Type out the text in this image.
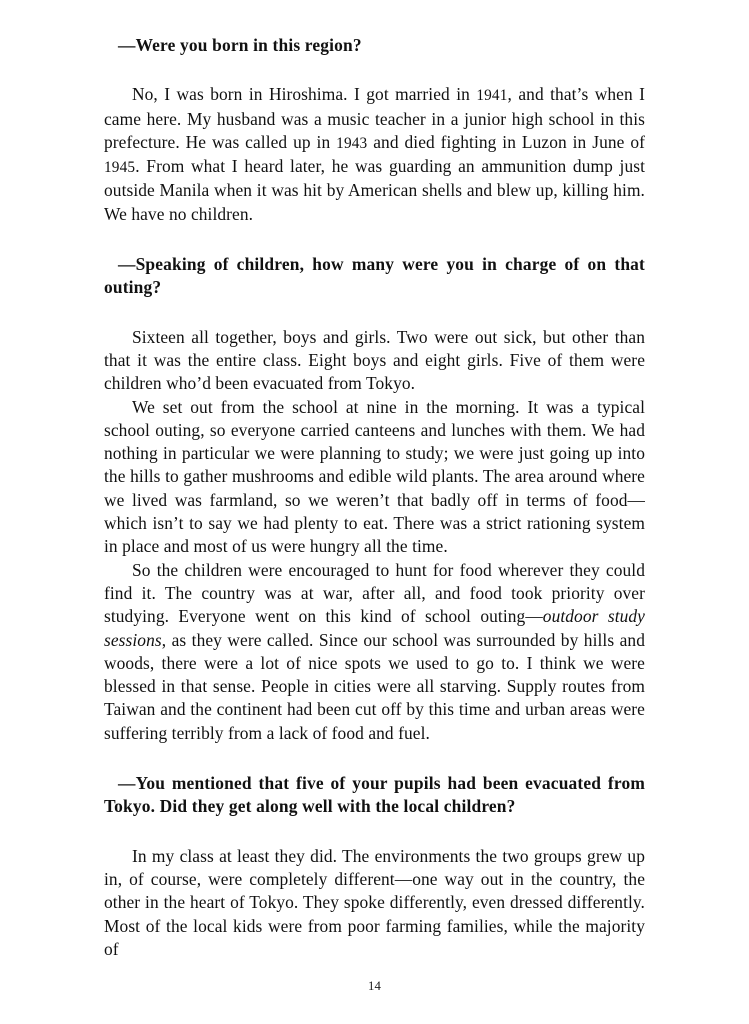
—Were you born in this region?

No, I was born in Hiroshima. I got married in 1941, and that’s when I came here. My husband was a music teacher in a junior high school in this prefecture. He was called up in 1943 and died fighting in Luzon in June of 1945. From what I heard later, he was guarding an ammunition dump just outside Manila when it was hit by American shells and blew up, killing him. We have no children.

—Speaking of children, how many were you in charge of on that outing?

Sixteen all together, boys and girls. Two were out sick, but other than that it was the entire class. Eight boys and eight girls. Five of them were children who’d been evacuated from Tokyo.

We set out from the school at nine in the morning. It was a typical school outing, so everyone carried canteens and lunches with them. We had nothing in particular we were planning to study; we were just going up into the hills to gather mushrooms and edible wild plants. The area around where we lived was farmland, so we weren’t that badly off in terms of food—which isn’t to say we had plenty to eat. There was a strict rationing system in place and most of us were hungry all the time.

So the children were encouraged to hunt for food wherever they could find it. The country was at war, after all, and food took priority over studying. Everyone went on this kind of school outing—outdoor study sessions, as they were called. Since our school was surrounded by hills and woods, there were a lot of nice spots we used to go to. I think we were blessed in that sense. People in cities were all starving. Supply routes from Taiwan and the continent had been cut off by this time and urban areas were suffering terribly from a lack of food and fuel.

—You mentioned that five of your pupils had been evacuated from Tokyo. Did they get along well with the local children?

In my class at least they did. The environments the two groups grew up in, of course, were completely different—one way out in the country, the other in the heart of Tokyo. They spoke differently, even dressed differently. Most of the local kids were from poor farming families, while the majority of

14
